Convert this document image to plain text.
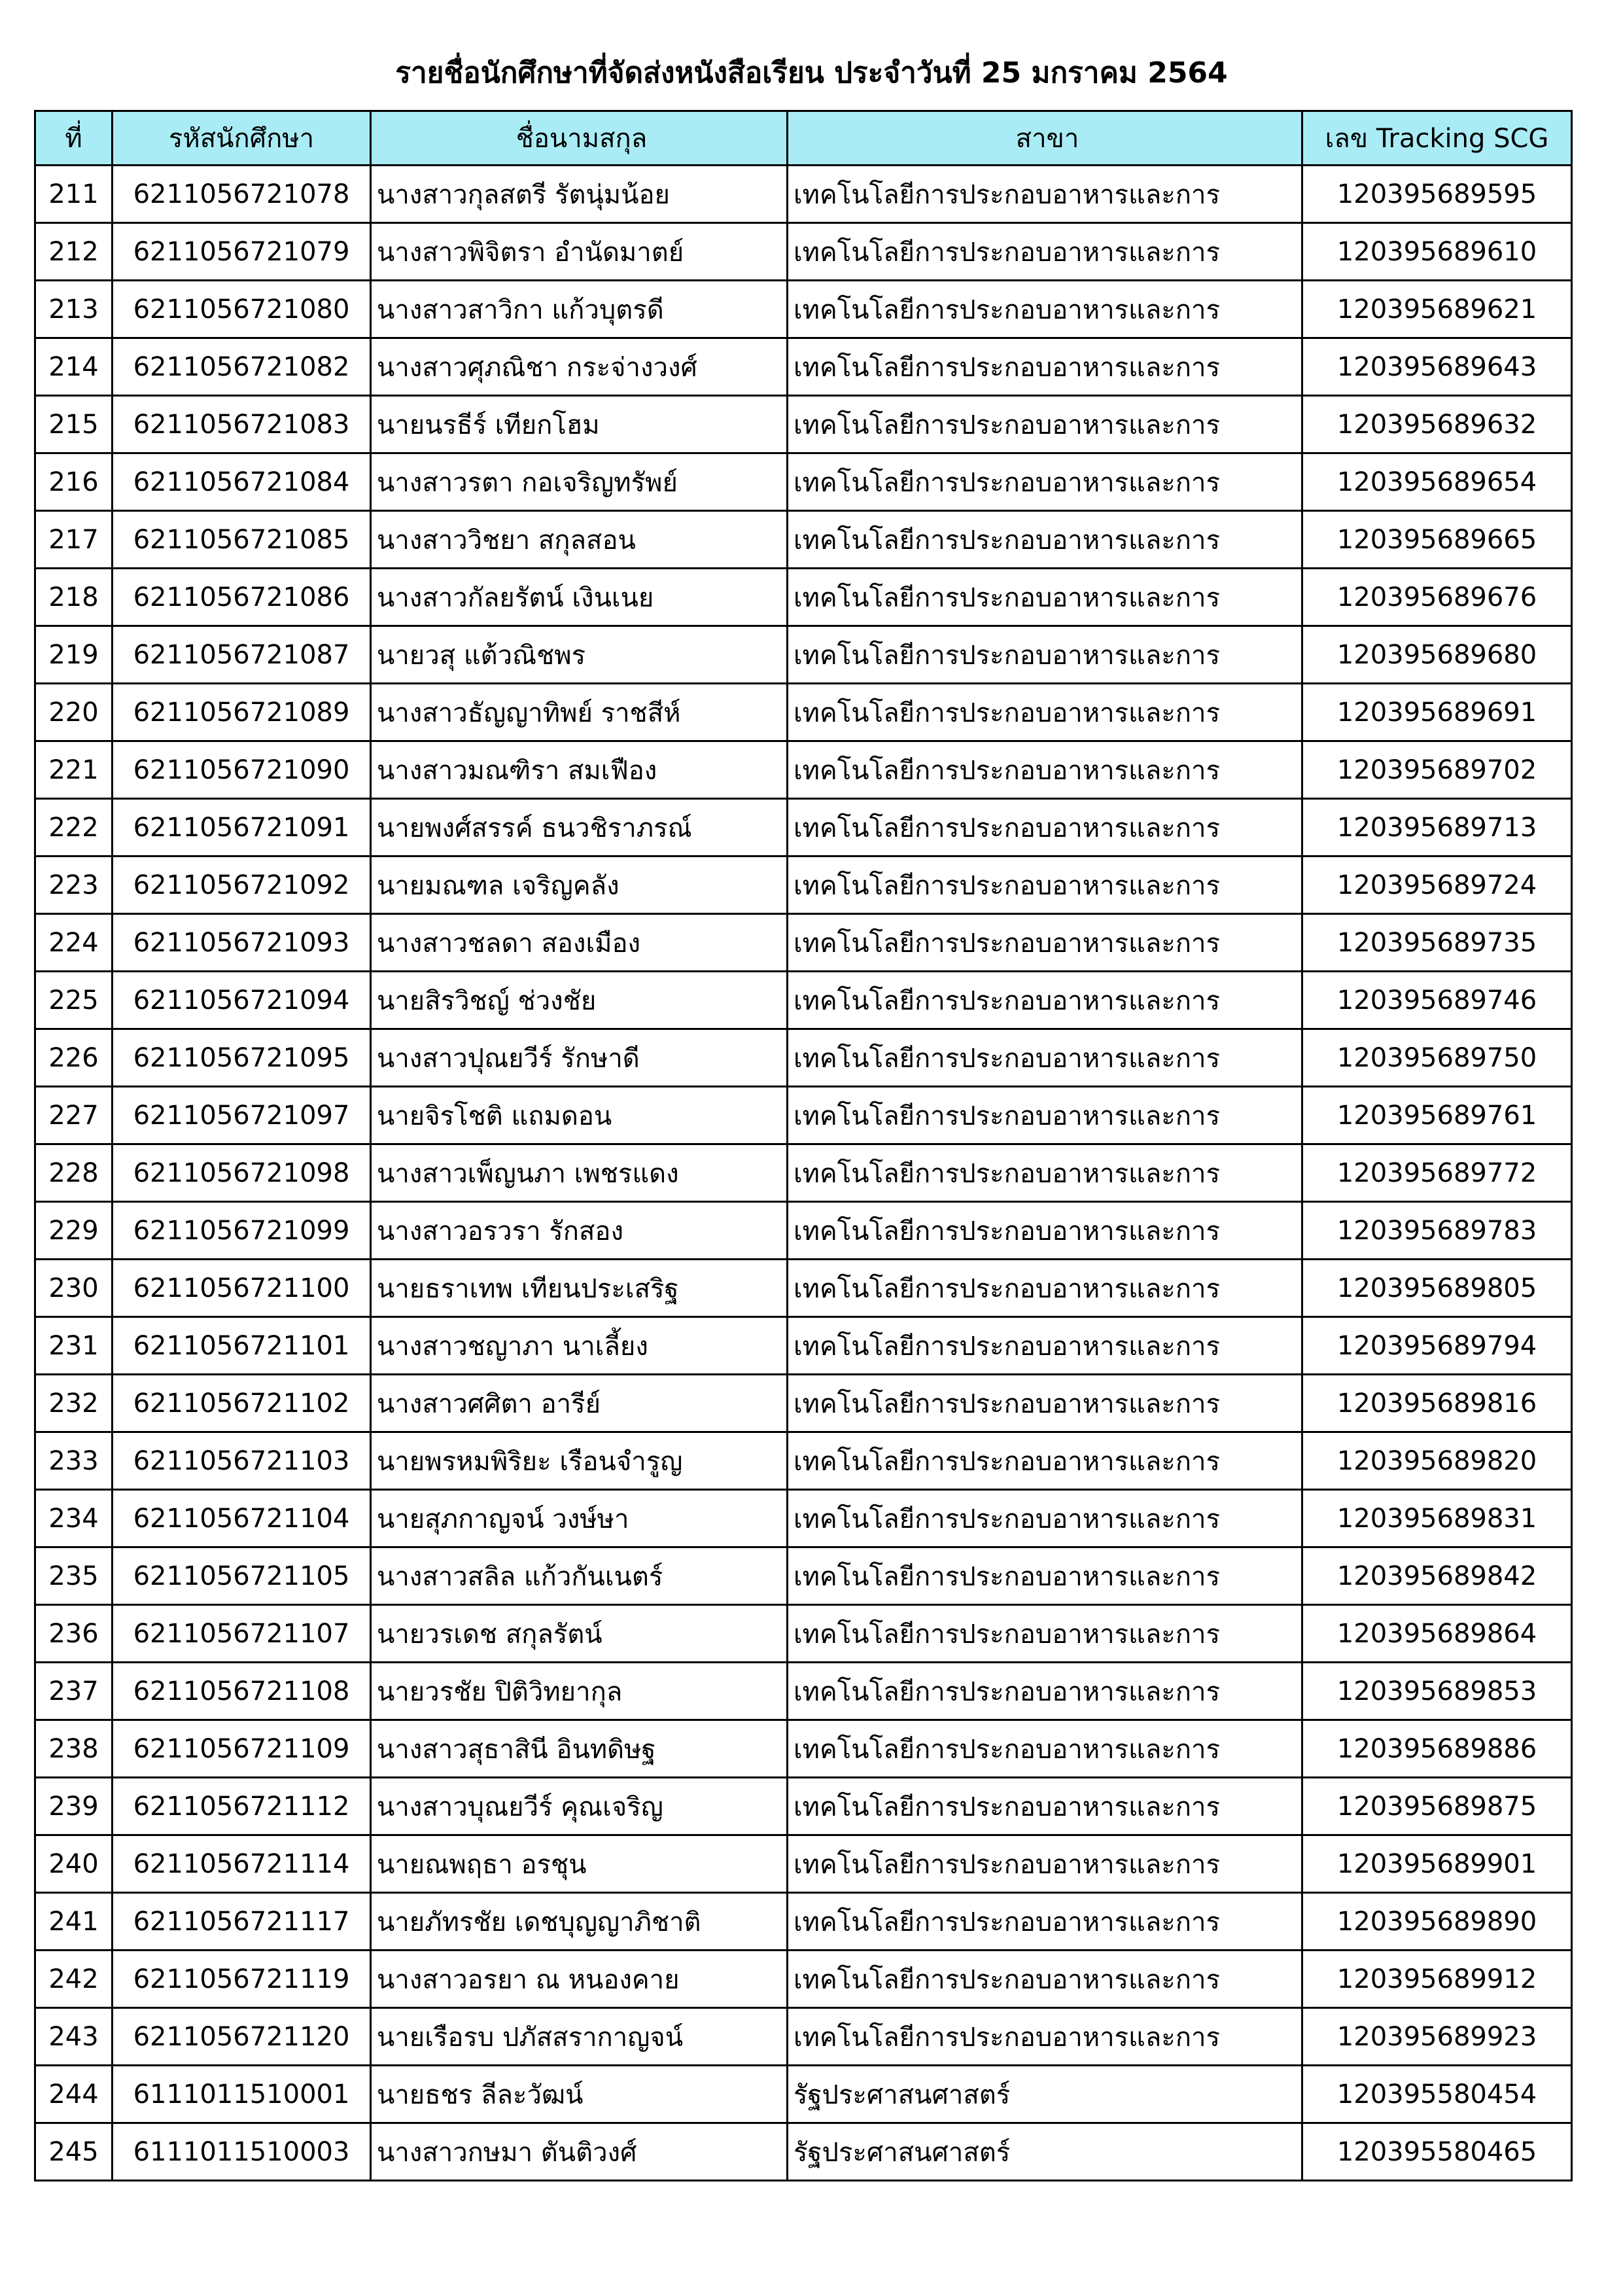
รายชื่อนักศึกษาที่จัดส่งหนังสือเรียน ประจำวันที่ 25 มกราคม 2564
ที่	รหัสนักศึกษา	ชื่อนามสกุล	สาขา	เลข Tracking SCG
211	6211056721078	นางสาวกุลสตรี รัตนุ่มน้อย	เทคโนโลยีการประกอบอาหารและการ	120395689595
212	6211056721079	นางสาวพิจิตรา อำนัดมาตย์	เทคโนโลยีการประกอบอาหารและการ	120395689610
213	6211056721080	นางสาวสาวิกา แก้วบุตรดี	เทคโนโลยีการประกอบอาหารและการ	120395689621
214	6211056721082	นางสาวศุภณิชา กระจ่างวงศ์	เทคโนโลยีการประกอบอาหารและการ	120395689643
215	6211056721083	นายนรธีร์ เทียกโฮม	เทคโนโลยีการประกอบอาหารและการ	120395689632
216	6211056721084	นางสาวรตา กอเจริญทรัพย์	เทคโนโลยีการประกอบอาหารและการ	120395689654
217	6211056721085	นางสาววิชยา สกุลสอน	เทคโนโลยีการประกอบอาหารและการ	120395689665
218	6211056721086	นางสาวกัลยรัตน์ เงินเนย	เทคโนโลยีการประกอบอาหารและการ	120395689676
219	6211056721087	นายวสุ แต้วณิชพร	เทคโนโลยีการประกอบอาหารและการ	120395689680
220	6211056721089	นางสาวธัญญาทิพย์ ราชสีห์	เทคโนโลยีการประกอบอาหารและการ	120395689691
221	6211056721090	นางสาวมณฑิรา สมเฟือง	เทคโนโลยีการประกอบอาหารและการ	120395689702
222	6211056721091	นายพงศ์สรรค์ ธนวชิราภรณ์	เทคโนโลยีการประกอบอาหารและการ	120395689713
223	6211056721092	นายมณฑล เจริญคลัง	เทคโนโลยีการประกอบอาหารและการ	120395689724
224	6211056721093	นางสาวชลดา สองเมือง	เทคโนโลยีการประกอบอาหารและการ	120395689735
225	6211056721094	นายสิรวิชญ์ ช่วงชัย	เทคโนโลยีการประกอบอาหารและการ	120395689746
226	6211056721095	นางสาวปุณยวีร์ รักษาดี	เทคโนโลยีการประกอบอาหารและการ	120395689750
227	6211056721097	นายจิรโชติ แถมดอน	เทคโนโลยีการประกอบอาหารและการ	120395689761
228	6211056721098	นางสาวเพ็ญนภา เพชรแดง	เทคโนโลยีการประกอบอาหารและการ	120395689772
229	6211056721099	นางสาวอรวรา รักสอง	เทคโนโลยีการประกอบอาหารและการ	120395689783
230	6211056721100	นายธราเทพ เทียนประเสริฐ	เทคโนโลยีการประกอบอาหารและการ	120395689805
231	6211056721101	นางสาวชญาภา นาเลี้ยง	เทคโนโลยีการประกอบอาหารและการ	120395689794
232	6211056721102	นางสาวศศิตา อารีย์	เทคโนโลยีการประกอบอาหารและการ	120395689816
233	6211056721103	นายพรหมพิริยะ เรือนจำรูญ	เทคโนโลยีการประกอบอาหารและการ	120395689820
234	6211056721104	นายสุภกาญจน์ วงษ์ษา	เทคโนโลยีการประกอบอาหารและการ	120395689831
235	6211056721105	นางสาวสลิล แก้วกันเนตร์	เทคโนโลยีการประกอบอาหารและการ	120395689842
236	6211056721107	นายวรเดช สกุลรัตน์	เทคโนโลยีการประกอบอาหารและการ	120395689864
237	6211056721108	นายวรชัย ปิติวิทยากุล	เทคโนโลยีการประกอบอาหารและการ	120395689853
238	6211056721109	นางสาวสุธาสินี อินทดิษฐ	เทคโนโลยีการประกอบอาหารและการ	120395689886
239	6211056721112	นางสาวบุณยวีร์ คุณเจริญ	เทคโนโลยีการประกอบอาหารและการ	120395689875
240	6211056721114	นายณพฤธา อรชุน	เทคโนโลยีการประกอบอาหารและการ	120395689901
241	6211056721117	นายภัทรชัย เดชบุญญาภิชาติ	เทคโนโลยีการประกอบอาหารและการ	120395689890
242	6211056721119	นางสาวอรยา ณ หนองคาย	เทคโนโลยีการประกอบอาหารและการ	120395689912
243	6211056721120	นายเรือรบ ปภัสสรากาญจน์	เทคโนโลยีการประกอบอาหารและการ	120395689923
244	6111011510001	นายธชร ลีละวัฒน์	รัฐประศาสนศาสตร์	120395580454
245	6111011510003	นางสาวกษมา ตันติวงศ์	รัฐประศาสนศาสตร์	120395580465
